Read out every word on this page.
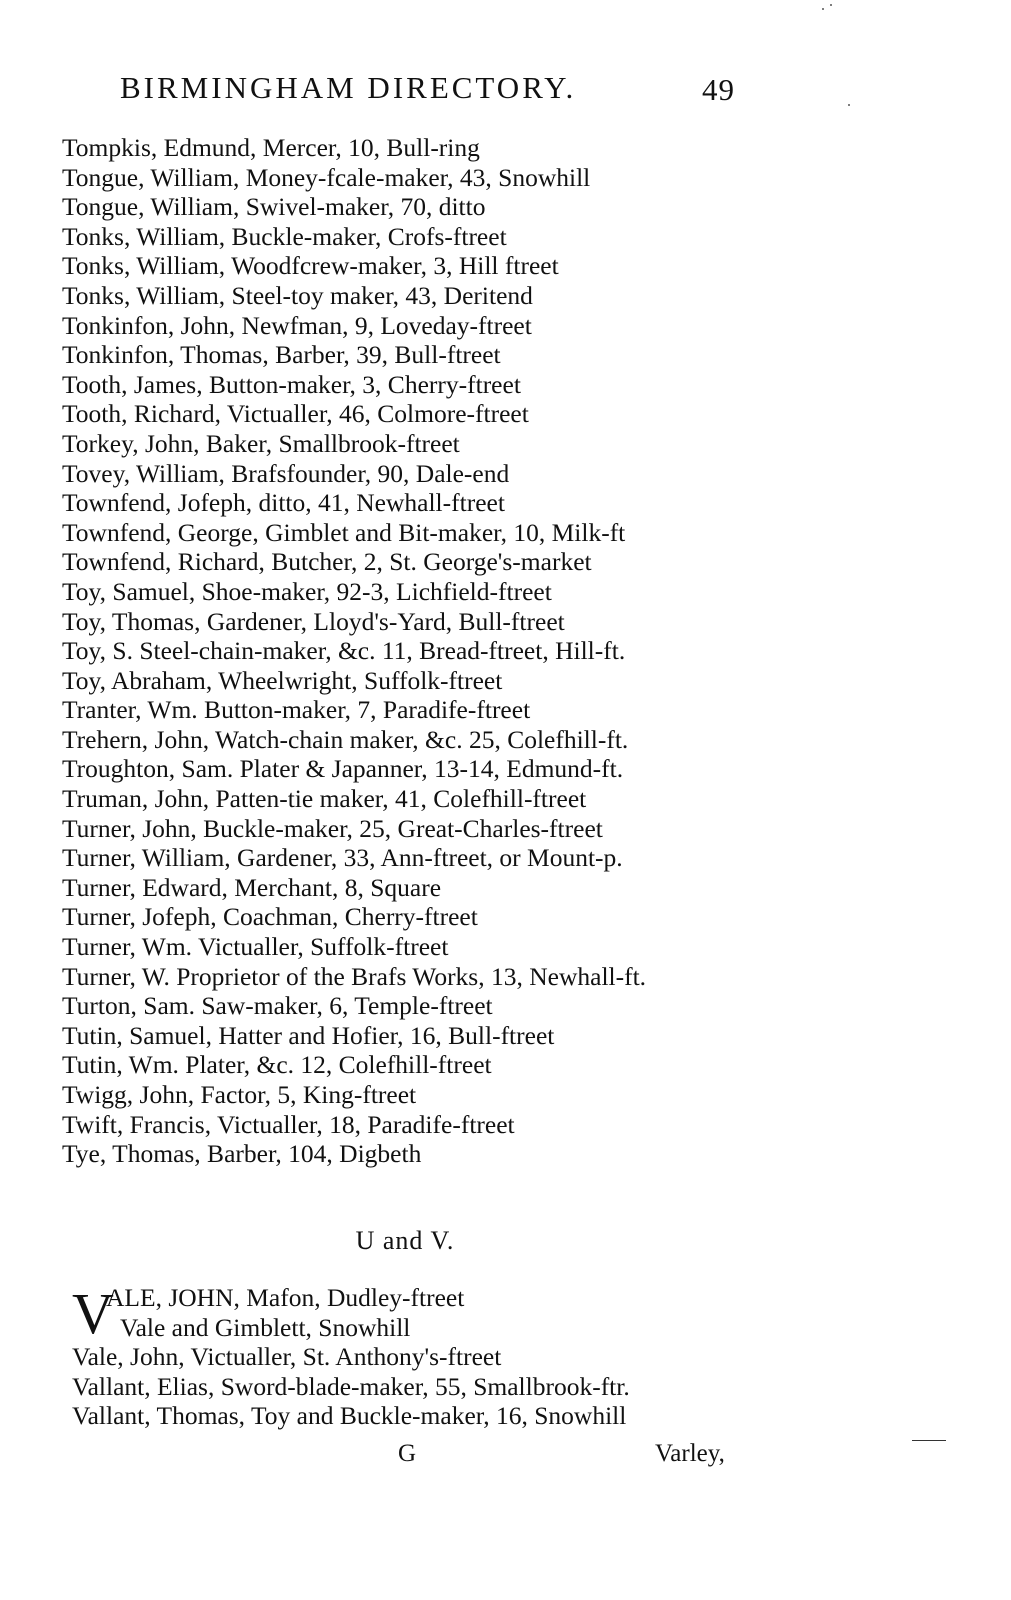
BIRMINGHAM DIRECTORY.	49
Tompkis, Edmund, Mercer, 10, Bull-ring
Tongue, William, Money-fcale-maker, 43, Snowhill
Tongue, William, Swivel-maker, 70, ditto
Tonks, William, Buckle-maker, Crofs-ftreet
Tonks, William, Woodfcrew-maker, 3, Hill ftreet
Tonks, William, Steel-toy maker, 43, Deritend
Tonkinfon, John, Newfman, 9, Loveday-ftreet
Tonkinfon, Thomas, Barber, 39, Bull-ftreet
Tooth, James, Button-maker, 3, Cherry-ftreet
Tooth, Richard, Victualler, 46, Colmore-ftreet
Torkey, John, Baker, Smallbrook-ftreet
Tovey, William, Brafsfounder, 90, Dale-end
Townfend, Jofeph, ditto, 41, Newhall-ftreet
Townfend, George, Gimblet and Bit-maker, 10, Milk-ft
Townfend, Richard, Butcher, 2, St. George's-market
Toy, Samuel, Shoe-maker, 92-3, Lichfield-ftreet
Toy, Thomas, Gardener, Lloyd's-Yard, Bull-ftreet
Toy, S. Steel-chain-maker, &c. 11, Bread-ftreet, Hill-ft.
Toy, Abraham, Wheelwright, Suffolk-ftreet
Tranter, Wm. Button-maker, 7, Paradife-ftreet
Trehern, John, Watch-chain maker, &c. 25, Colefhill-ft.
Troughton, Sam. Plater & Japanner, 13-14, Edmund-ft.
Truman, John, Patten-tie maker, 41, Colefhill-ftreet
Turner, John, Buckle-maker, 25, Great-Charles-ftreet
Turner, William, Gardener, 33, Ann-ftreet, or Mount-p.
Turner, Edward, Merchant, 8, Square
Turner, Jofeph, Coachman, Cherry-ftreet
Turner, Wm. Victualler, Suffolk-ftreet
Turner, W. Proprietor of the Brafs Works, 13, Newhall-ft.
Turton, Sam. Saw-maker, 6, Temple-ftreet
Tutin, Samuel, Hatter and Hofier, 16, Bull-ftreet
Tutin, Wm. Plater, &c. 12, Colefhill-ftreet
Twigg, John, Factor, 5, King-ftreet
Twift, Francis, Victualler, 18, Paradife-ftreet
Tye, Thomas, Barber, 104, Digbeth
U and V.
V
ALE, JOHN, Mafon, Dudley-ftreet
Vale and Gimblett, Snowhill
Vale, John, Victualler, St. Anthony's-ftreet
Vallant, Elias, Sword-blade-maker, 55, Smallbrook-ftr.
Vallant, Thomas, Toy and Buckle-maker, 16, Snowhill
G	Varley,
